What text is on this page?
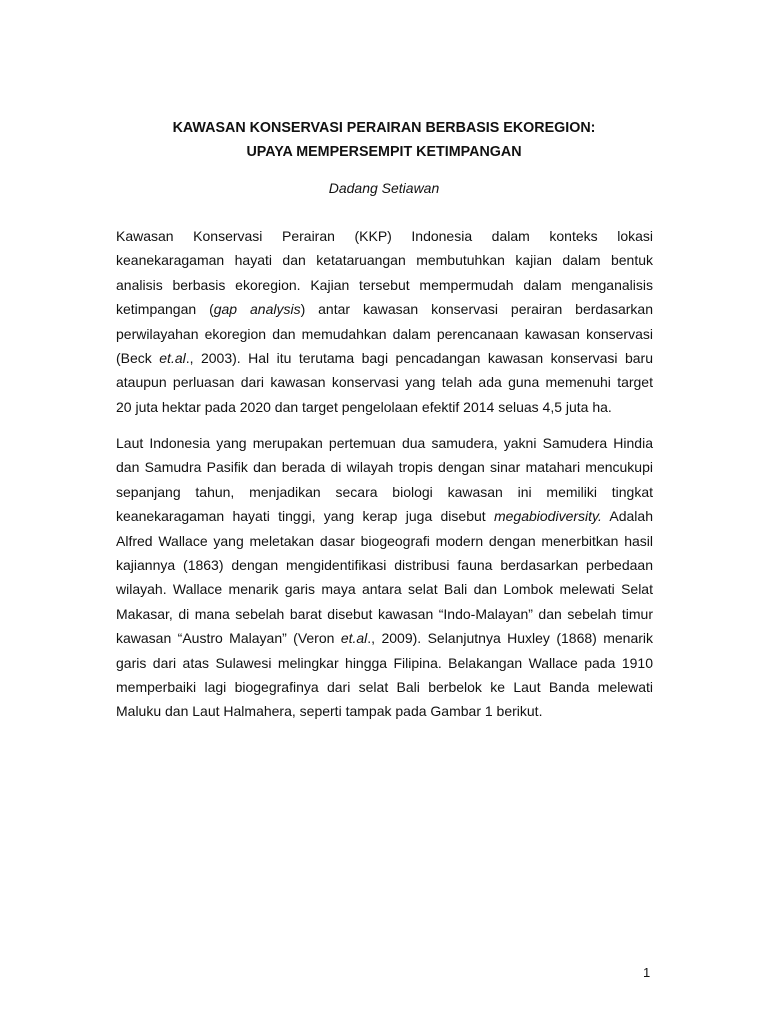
KAWASAN KONSERVASI PERAIRAN BERBASIS EKOREGION:
UPAYA MEMPERSEMPIT KETIMPANGAN
Dadang Setiawan
Kawasan Konservasi Perairan (KKP) Indonesia dalam konteks lokasi
keanekaragaman hayati dan ketataruangan membutuhkan kajian dalam bentuk
analisis berbasis ekoregion. Kajian tersebut mempermudah dalam menganalisis
ketimpangan (gap analysis) antar kawasan konservasi perairan berdasarkan
perwilayahan ekoregion dan memudahkan dalam perencanaan kawasan konservasi
(Beck et.al., 2003). Hal itu terutama bagi pencadangan kawasan konservasi baru
ataupun perluasan dari kawasan konservasi yang telah ada guna memenuhi target
20 juta hektar pada 2020 dan target pengelolaan efektif 2014 seluas 4,5 juta ha.
Laut Indonesia yang merupakan pertemuan dua samudera, yakni Samudera Hindia
dan Samudra Pasifik dan berada di wilayah tropis dengan sinar matahari mencukupi
sepanjang tahun, menjadikan secara biologi kawasan ini memiliki tingkat
keanekaragaman hayati tinggi, yang kerap juga disebut megabiodiversity. Adalah
Alfred Wallace yang meletakan dasar biogeografi modern dengan menerbitkan hasil
kajiannya (1863) dengan mengidentifikasi distribusi fauna berdasarkan perbedaan
wilayah. Wallace menarik garis maya antara selat Bali dan Lombok melewati Selat
Makasar, di mana sebelah barat disebut kawasan “Indo-Malayan” dan sebelah timur
kawasan “Austro Malayan” (Veron et.al., 2009). Selanjutnya Huxley (1868) menarik
garis dari atas Sulawesi melingkar hingga Filipina. Belakangan Wallace pada 1910
memperbaiki lagi biogegrafinya dari selat Bali berbelok ke Laut Banda melewati
Maluku dan Laut Halmahera, seperti tampak pada Gambar 1 berikut.
1
